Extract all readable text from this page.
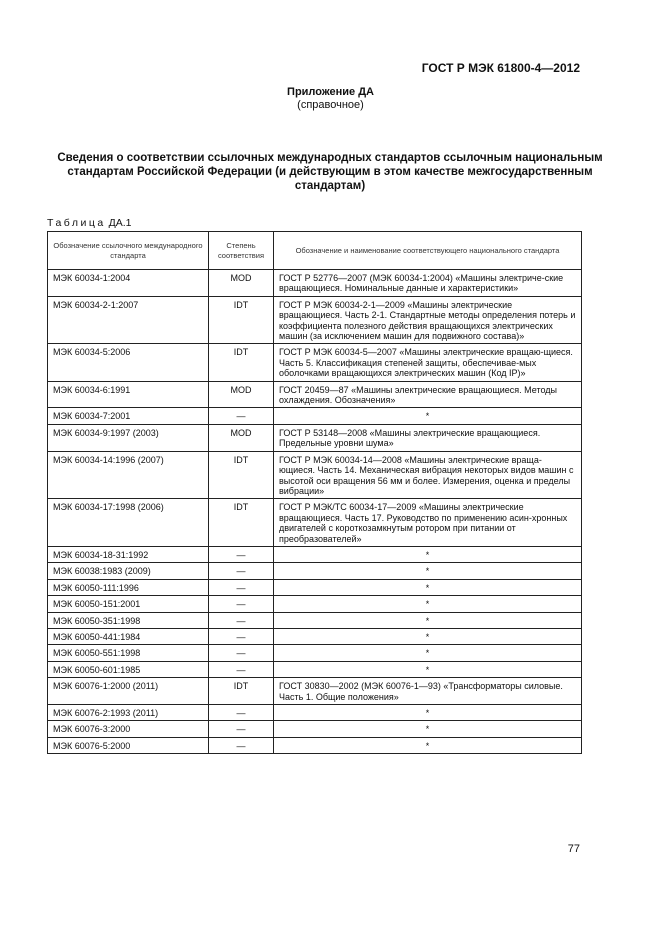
ГОСТ Р МЭК 61800-4—2012
Приложение ДА
(справочное)
Сведения о соответствии ссылочных международных стандартов ссылочным национальным стандартам Российской Федерации (и действующим в этом качестве межгосударственным стандартам)
Таблица ДА.1
Обозначение ссылочного международного стандарта	Степень соответствия	Обозначение и наименование соответствующего национального стандарта
МЭК 60034-1:2004	MOD	ГОСТ Р 52776—2007 (МЭК 60034-1:2004) «Машины электриче-ские вращающиеся. Номинальные данные и характеристики»
МЭК 60034-2-1:2007	IDT	ГОСТ Р МЭК 60034-2-1—2009 «Машины электрические вращающиеся. Часть 2-1. Стандартные методы определения потерь и коэффициента полезного действия вращающихся электрических машин (за исключением машин для подвижного состава)»
МЭК 60034-5:2006	IDT	ГОСТ Р МЭК 60034-5—2007 «Машины электрические вращаю-щиеся. Часть 5. Классификация степеней защиты, обеспечивае-мых оболочками вращающихся электрических машин (Код IP)»
МЭК 60034-6:1991	MOD	ГОСТ 20459—87 «Машины электрические вращающиеся. Методы охлаждения. Обозначения»
МЭК 60034-7:2001	—	*
МЭК 60034-9:1997 (2003)	MOD	ГОСТ Р 53148—2008 «Машины электрические вращающиеся. Предельные уровни шума»
МЭК 60034-14:1996 (2007)	IDT	ГОСТ Р МЭК 60034-14—2008 «Машины электрические враща-ющиеся. Часть 14. Механическая вибрация некоторых видов машин с высотой оси вращения 56 мм и более. Измерения, оценка и пределы вибрации»
МЭК 60034-17:1998 (2006)	IDT	ГОСТ Р МЭК/ТС 60034-17—2009 «Машины электрические вращающиеся. Часть 17. Руководство по применению асин-хронных двигателей с короткозамкнутым ротором при питании от преобразователей»
МЭК 60034-18-31:1992	—	*
МЭК 60038:1983 (2009)	—	*
МЭК 60050-111:1996	—	*
МЭК 60050-151:2001	—	*
МЭК 60050-351:1998	—	*
МЭК 60050-441:1984	—	*
МЭК 60050-551:1998	—	*
МЭК 60050-601:1985	—	*
МЭК 60076-1:2000 (2011)	IDT	ГОСТ 30830—2002 (МЭК 60076-1—93) «Трансформаторы силовые. Часть 1. Общие положения»
МЭК 60076-2:1993 (2011)	—	*
МЭК 60076-3:2000	—	*
МЭК 60076-5:2000	—	*
77
